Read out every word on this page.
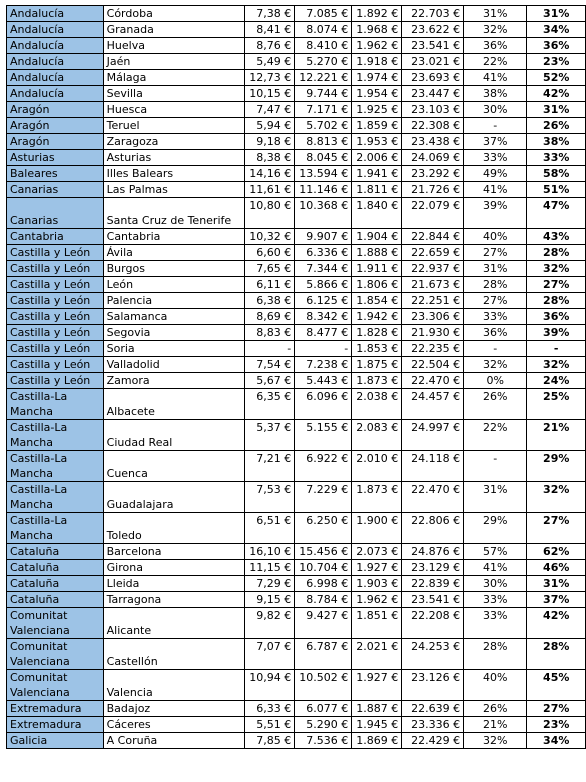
Andalucía	Córdoba	7,38 €	7.085 €	1.892 €	22.703 €	31%	31%
Andalucía	Granada	8,41 €	8.074 €	1.968 €	23.622 €	32%	34%
Andalucía	Huelva	8,76 €	8.410 €	1.962 €	23.541 €	36%	36%
Andalucía	Jaén	5,49 €	5.270 €	1.918 €	23.021 €	22%	23%
Andalucía	Málaga	12,73 €	12.221 €	1.974 €	23.693 €	41%	52%
Andalucía	Sevilla	10,15 €	9.744 €	1.954 €	23.447 €	38%	42%
Aragón	Huesca	7,47 €	7.171 €	1.925 €	23.103 €	30%	31%
Aragón	Teruel	5,94 €	5.702 €	1.859 €	22.308 €	-	26%
Aragón	Zaragoza	9,18 €	8.813 €	1.953 €	23.438 €	37%	38%
Asturias	Asturias	8,38 €	8.045 €	2.006 €	24.069 €	33%	33%
Baleares	Illes Balears	14,16 €	13.594 €	1.941 €	23.292 €	49%	58%
Canarias	Las Palmas	11,61 €	11.146 €	1.811 €	21.726 €	41%	51%
Canarias	Santa Cruz de Tenerife	10,80 €	10.368 €	1.840 €	22.079 €	39%	47%
Cantabria	Cantabria	10,32 €	9.907 €	1.904 €	22.844 €	40%	43%
Castilla y León	Ávila	6,60 €	6.336 €	1.888 €	22.659 €	27%	28%
Castilla y León	Burgos	7,65 €	7.344 €	1.911 €	22.937 €	31%	32%
Castilla y León	León	6,11 €	5.866 €	1.806 €	21.673 €	28%	27%
Castilla y León	Palencia	6,38 €	6.125 €	1.854 €	22.251 €	27%	28%
Castilla y León	Salamanca	8,69 €	8.342 €	1.942 €	23.306 €	33%	36%
Castilla y León	Segovia	8,83 €	8.477 €	1.828 €	21.930 €	36%	39%
Castilla y León	Soria	-	-	1.853 €	22.235 €	-	-
Castilla y León	Valladolid	7,54 €	7.238 €	1.875 €	22.504 €	32%	32%
Castilla y León	Zamora	5,67 €	5.443 €	1.873 €	22.470 €	0%	24%
Castilla-La Mancha	Albacete	6,35 €	6.096 €	2.038 €	24.457 €	26%	25%
Castilla-La Mancha	Ciudad Real	5,37 €	5.155 €	2.083 €	24.997 €	22%	21%
Castilla-La Mancha	Cuenca	7,21 €	6.922 €	2.010 €	24.118 €	-	29%
Castilla-La Mancha	Guadalajara	7,53 €	7.229 €	1.873 €	22.470 €	31%	32%
Castilla-La Mancha	Toledo	6,51 €	6.250 €	1.900 €	22.806 €	29%	27%
Cataluña	Barcelona	16,10 €	15.456 €	2.073 €	24.876 €	57%	62%
Cataluña	Girona	11,15 €	10.704 €	1.927 €	23.129 €	41%	46%
Cataluña	Lleida	7,29 €	6.998 €	1.903 €	22.839 €	30%	31%
Cataluña	Tarragona	9,15 €	8.784 €	1.962 €	23.541 €	33%	37%
Comunitat Valenciana	Alicante	9,82 €	9.427 €	1.851 €	22.208 €	33%	42%
Comunitat Valenciana	Castellón	7,07 €	6.787 €	2.021 €	24.253 €	28%	28%
Comunitat Valenciana	Valencia	10,94 €	10.502 €	1.927 €	23.126 €	40%	45%
Extremadura	Badajoz	6,33 €	6.077 €	1.887 €	22.639 €	26%	27%
Extremadura	Cáceres	5,51 €	5.290 €	1.945 €	23.336 €	21%	23%
Galicia	A Coruña	7,85 €	7.536 €	1.869 €	22.429 €	32%	34%
